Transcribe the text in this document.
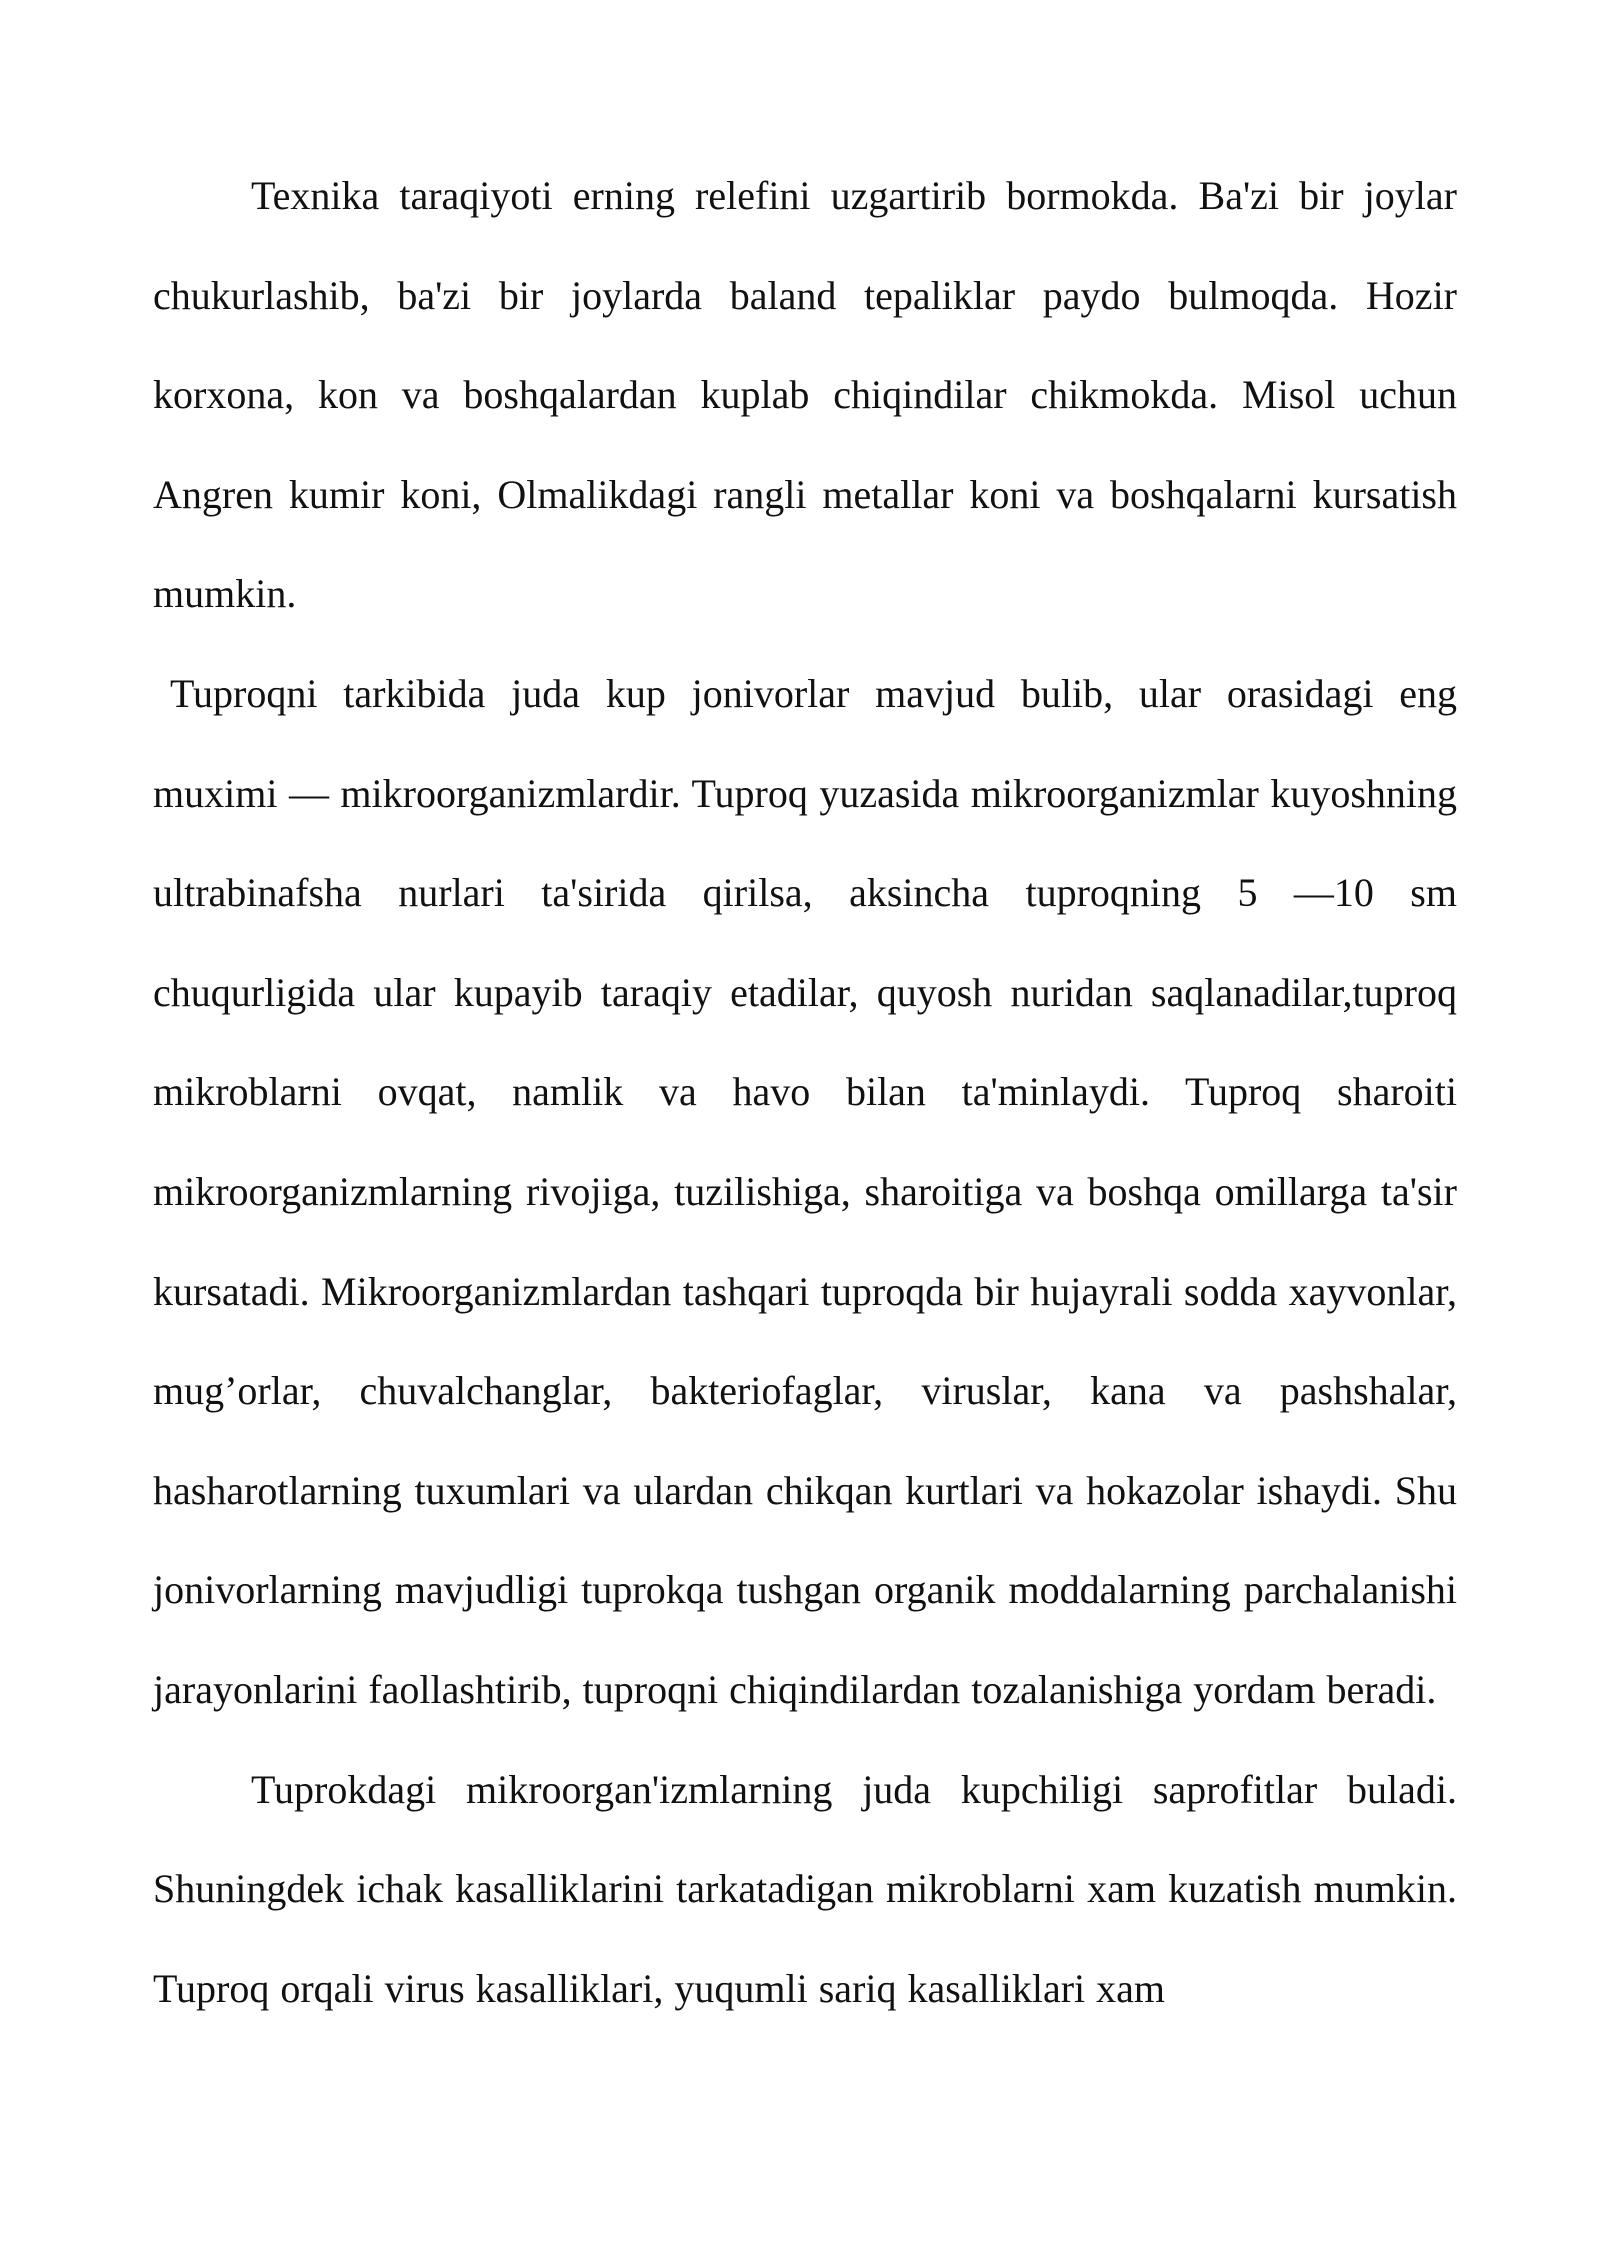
Texnika taraqiyoti erning relefini uzgartirib bormokda. Ba'zi bir joylar chukurlashib, ba'zi bir joylarda baland tepaliklar paydo bulmoqda. Hozir korxona, kon va boshqalardan kuplab chiqindilar chikmokda. Misol uchun Angren kumir koni, Olmalikdagi rangli metallar koni va boshqalarni kursatish mumkin.

Tuproqni tarkibida juda kup jonivorlar mavjud bulib, ular orasidagi eng muximi — mikroorganizmlardir. Tuproq yuzasida mikroorganizmlar kuyoshning ultrabinafsha nurlari ta'sirida qirilsa, aksincha tuproqning 5 —10 sm chuqurligida ular kupayib taraqiy etadilar, quyosh nuridan saqlanadilar,tuproq mikroblarni ovqat, namlik va havo bilan ta'minlaydi. Tuproq sharoiti mikroorganizmlarning rivojiga, tuzilishiga, sharoitiga va boshqa omillarga ta'sir kursatadi. Mikroorganizmlardan tashqari tuproqda bir hujayrali sodda xayvonlar, mug’orlar, chuvalchanglar, bakteriofaglar, viruslar, kana va pashshalar, hasharotlarning tuxumlari va ulardan chikqan kurtlari va hokazolar ishaydi. Shu jonivorlarning mavjudligi tuprokqa tushgan organik moddalarning parchalanishi jarayonlarini faollashtirib, tuproqni chiqindilardan tozalanishiga yordam beradi.

Tuprokdagi mikroorgan'izmlarning juda kupchiligi saprofitlar buladi. Shuningdek ichak kasalliklarini tarkatadigan mikroblarni xam kuzatish mumkin. Tuproq orqali virus kasalliklari, yuqumli sariq kasalliklari xam
